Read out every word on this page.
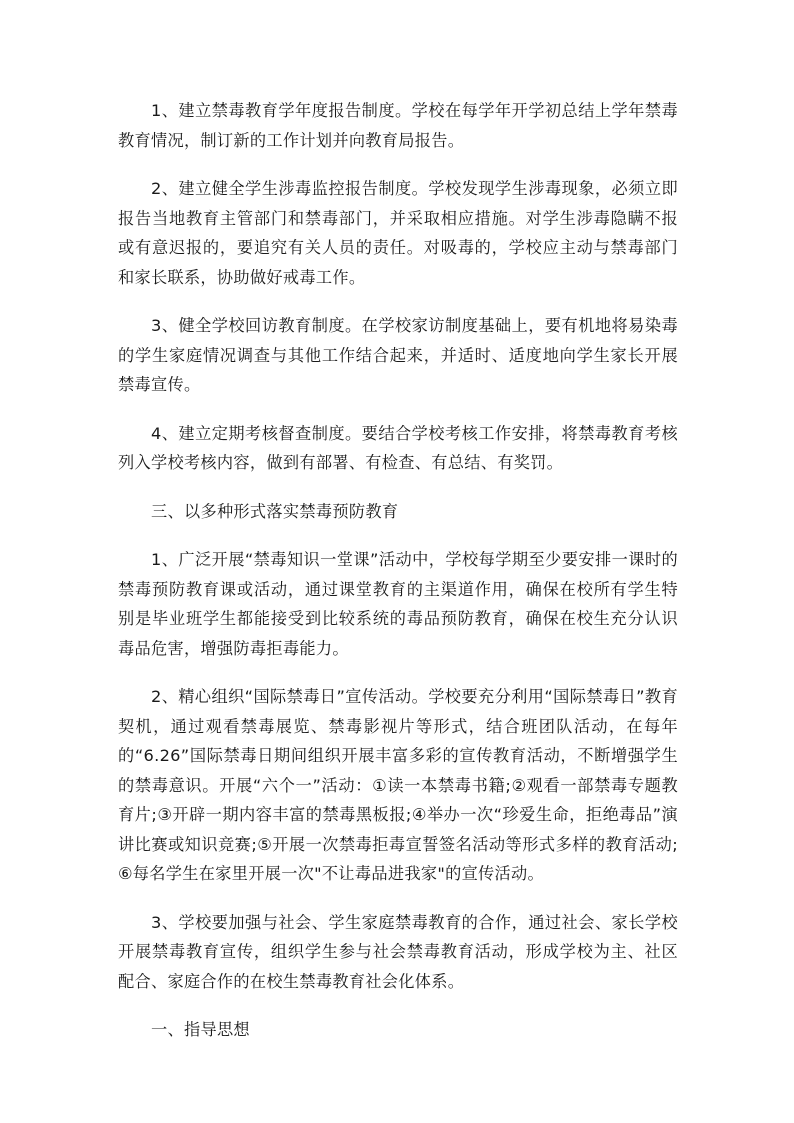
1、建立禁毒教育学年度报告制度。学校在每学年开学初总结上学年禁毒教育情况，制订新的工作计划并向教育局报告。

2、建立健全学生涉毒监控报告制度。学校发现学生涉毒现象，必须立即报告当地教育主管部门和禁毒部门，并采取相应措施。对学生涉毒隐瞒不报或有意迟报的，要追究有关人员的责任。对吸毒的，学校应主动与禁毒部门和家长联系，协助做好戒毒工作。

3、健全学校回访教育制度。在学校家访制度基础上，要有机地将易染毒的学生家庭情况调查与其他工作结合起来，并适时、适度地向学生家长开展禁毒宣传。

4、建立定期考核督查制度。要结合学校考核工作安排，将禁毒教育考核列入学校考核内容，做到有部署、有检查、有总结、有奖罚。

三、以多种形式落实禁毒预防教育

1、广泛开展“禁毒知识一堂课”活动中，学校每学期至少要安排一课时的禁毒预防教育课或活动，通过课堂教育的主渠道作用，确保在校所有学生特别是毕业班学生都能接受到比较系统的毒品预防教育，确保在校生充分认识毒品危害，增强防毒拒毒能力。

2、精心组织“国际禁毒日”宣传活动。学校要充分利用“国际禁毒日”教育契机，通过观看禁毒展览、禁毒影视片等形式，结合班团队活动，在每年的“6.26”国际禁毒日期间组织开展丰富多彩的宣传教育活动，不断增强学生的禁毒意识。开展“六个一”活动：①读一本禁毒书籍;②观看一部禁毒专题教育片;③开辟一期内容丰富的禁毒黑板报;④举办一次“珍爱生命，拒绝毒品”演讲比赛或知识竞赛;⑤开展一次禁毒拒毒宣誓签名活动等形式多样的教育活动;⑥每名学生在家里开展一次"不让毒品进我家"的宣传活动。

3、学校要加强与社会、学生家庭禁毒教育的合作，通过社会、家长学校开展禁毒教育宣传，组织学生参与社会禁毒教育活动，形成学校为主、社区配合、家庭合作的在校生禁毒教育社会化体系。

一、指导思想
